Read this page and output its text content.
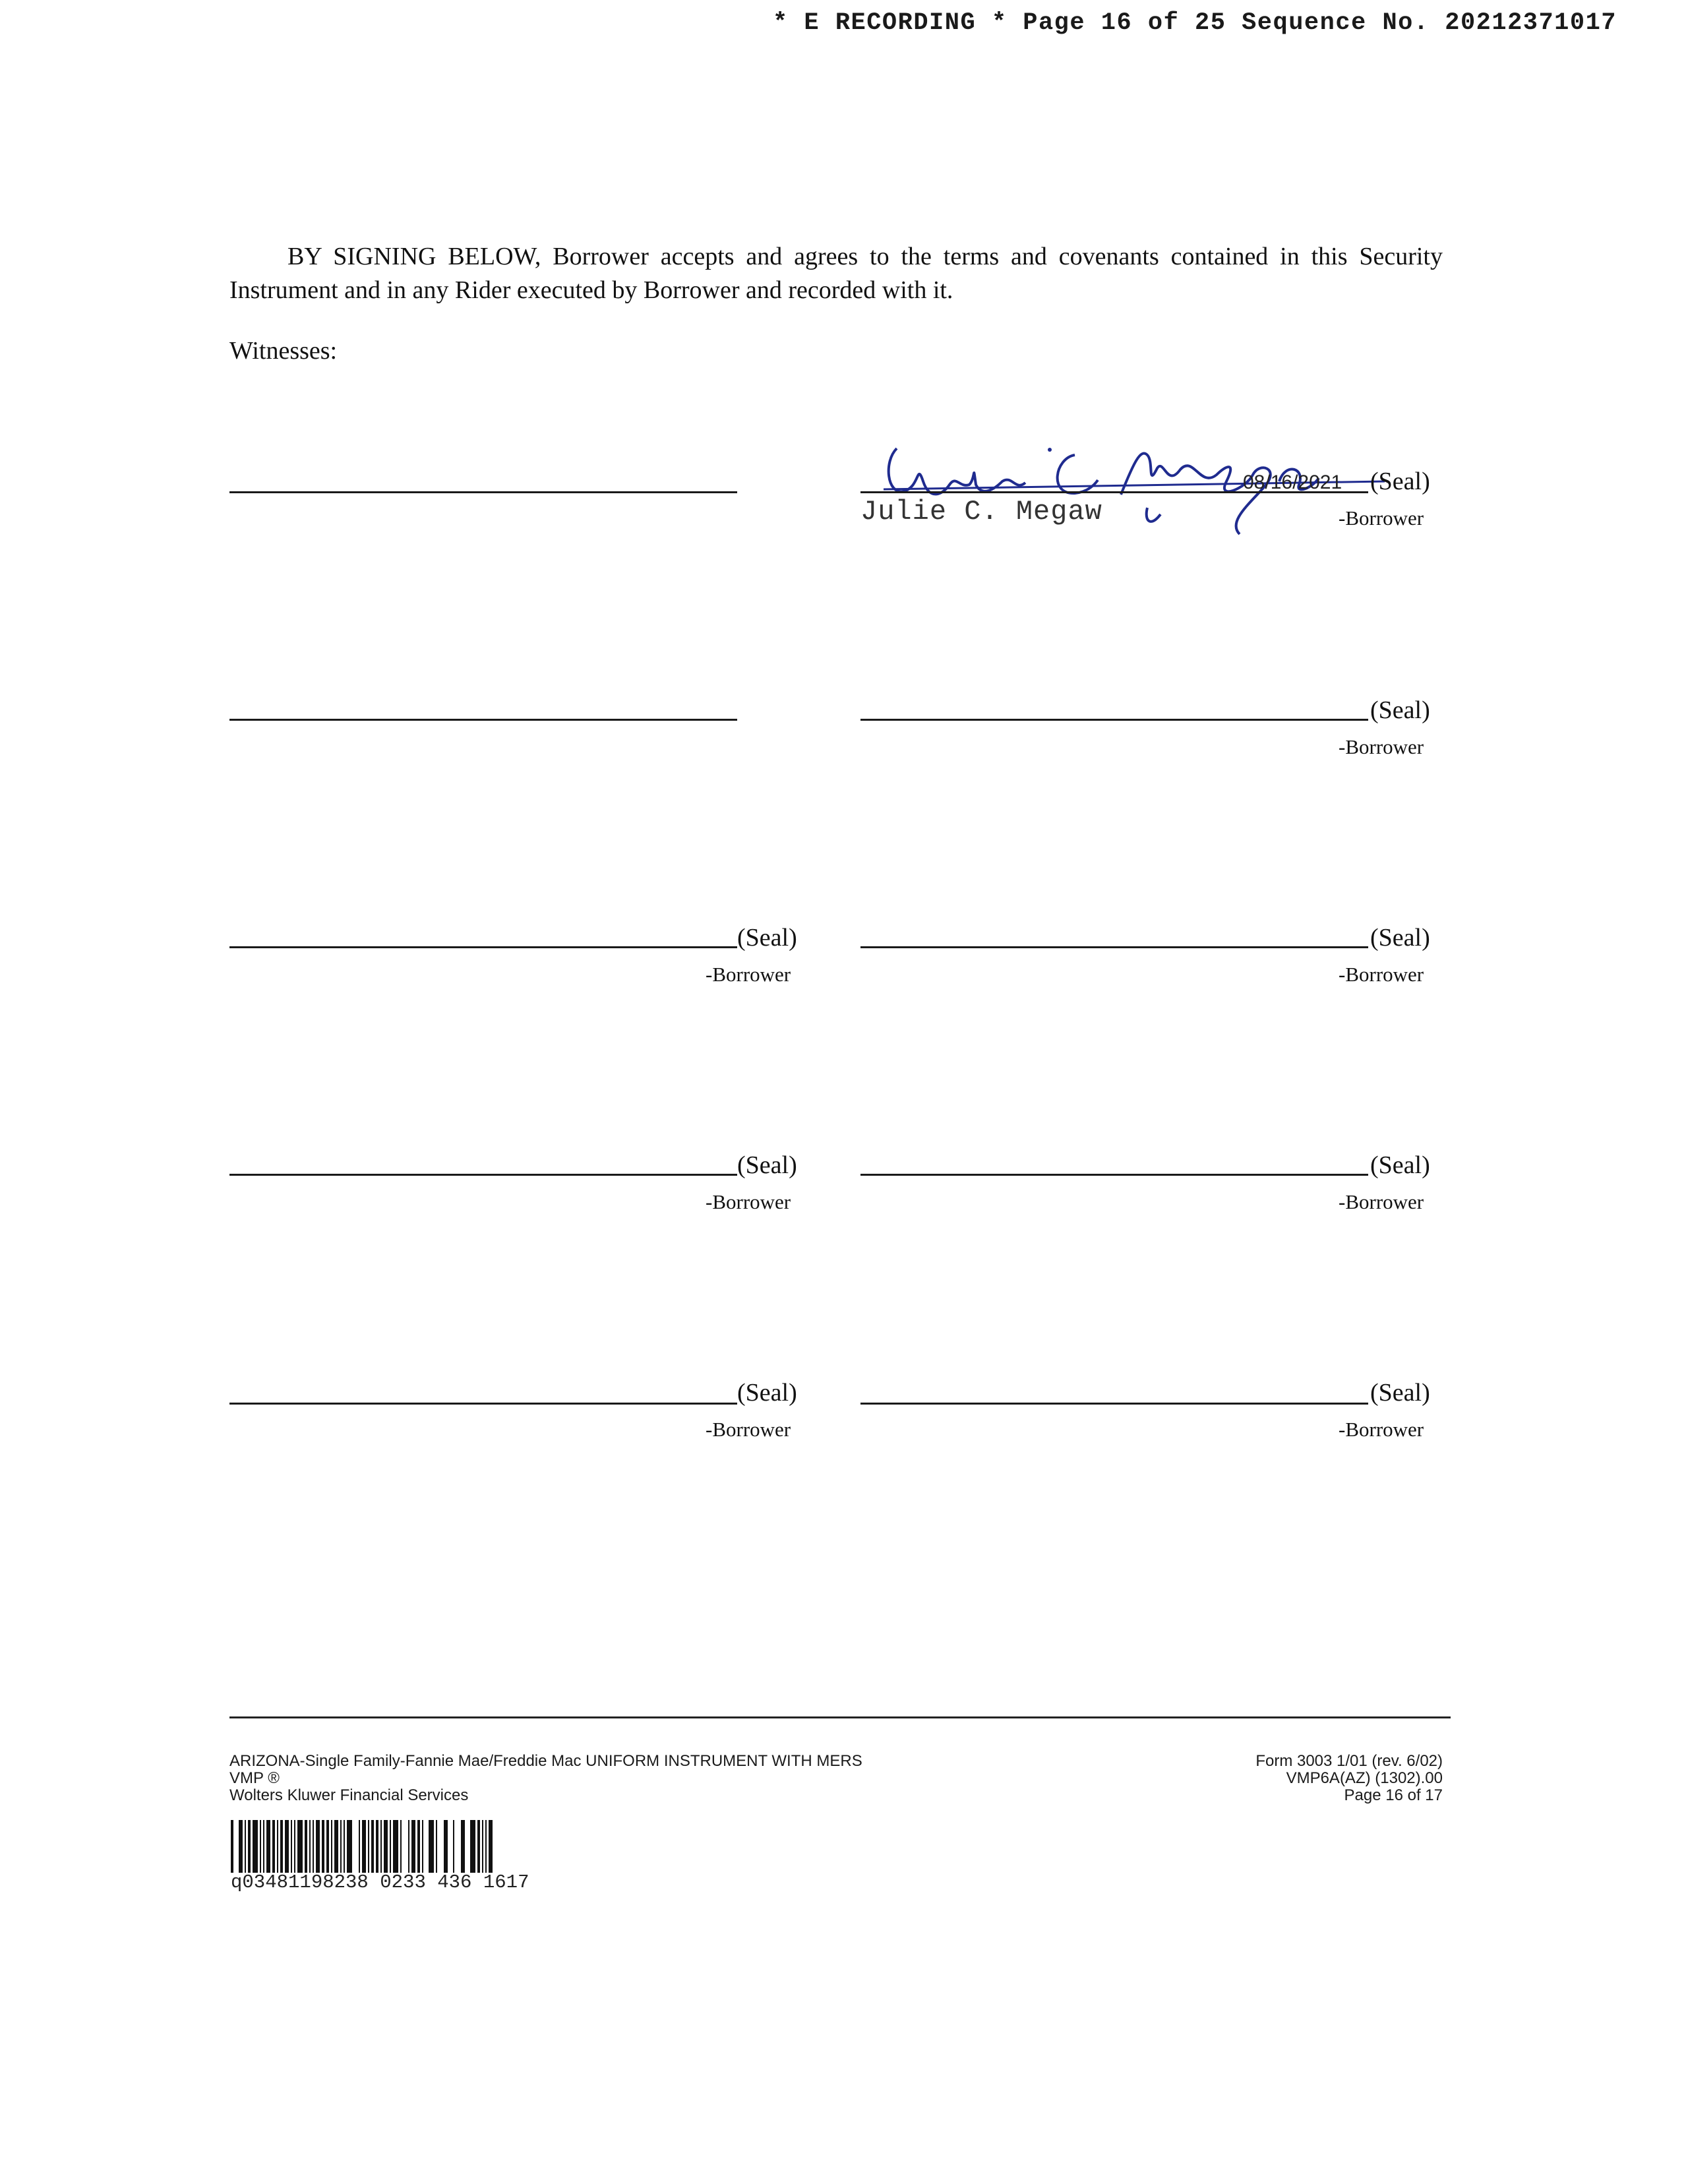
* E RECORDING * Page 16 of 25 Sequence No. 20212371017
BY SIGNING BELOW, Borrower accepts and agrees to the terms and covenants contained in this Security Instrument and in any Rider executed by Borrower and recorded with it.
Witnesses:
08/16/2021 (Seal)
Julie C. Megaw	-Borrower
(Seal)
-Borrower
(Seal)
-Borrower
(Seal)
-Borrower
(Seal)
-Borrower
(Seal)
-Borrower
(Seal)
-Borrower
(Seal)
-Borrower
ARIZONA-Single Family-Fannie Mae/Freddie Mac UNIFORM INSTRUMENT WITH MERS
VMP ®
Wolters Kluwer Financial Services
Form 3003 1/01 (rev. 6/02)
VMP6A(AZ) (1302).00
Page 16 of 17
q03481198238 0233 436 1617
